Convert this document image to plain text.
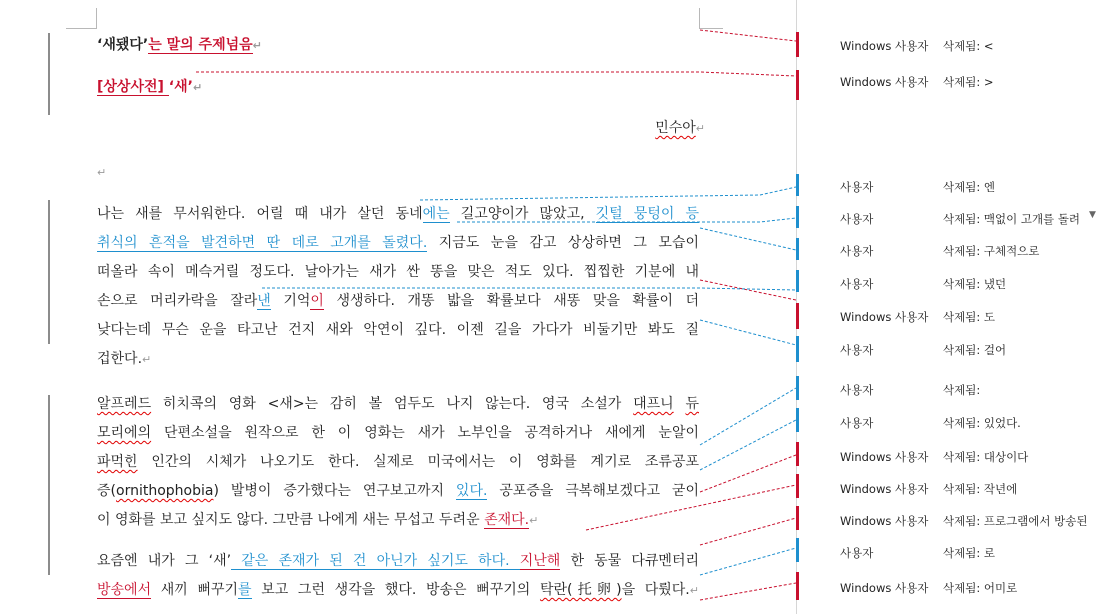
‘새됐다’는 말의 주제넘음↵
[상상사전] ‘새’↵
민수아↵
↵
나는 새를 무서워한다. 어릴 때 내가 살던 동네에는 길고양이가 많았고, 깃털 뭉텅이 등
취식의 흔적을 발견하면 딴 데로 고개를 돌렸다. 지금도 눈을 감고 상상하면 그 모습이
떠올라 속이 메슥거릴 정도다. 날아가는 새가 싼 똥을 맞은 적도 있다. 찝찝한 기분에 내
손으로 머리카락을 잘라낸 기억이 생생하다. 개똥 밟을 확률보다 새똥 맞을 확률이 더
낮다는데 무슨 운을 타고난 건지 새와 악연이 깊다. 이젠 길을 가다가 비둘기만 봐도 질
겁한다.↵
알프레드 히치콕의 영화 <새>는 감히 볼 엄두도 나지 않는다. 영국 소설가 대프니 듀
모리에의 단편소설을 원작으로 한 이 영화는 새가 노부인을 공격하거나 새에게 눈알이
파먹힌 인간의 시체가 나오기도 한다. 실제로 미국에서는 이 영화를 계기로 조류공포
증(ornithophobia) 발병이 증가했다는 연구보고까지 있다. 공포증을 극복해보겠다고 굳이
이 영화를 보고 싶지도 않다. 그만큼 나에게 새는 무섭고 두려운 존재다.↵
요즘엔 내가 그 ‘새’ 같은 존재가 된 건 아닌가 싶기도 하다. 지난해 한 동물 다큐멘터리
방송에서 새끼 뻐꾸기를 보고 그런 생각을 했다. 방송은 뻐꾸기의 탁란(托卵)을 다뤘다.↵
Windows 사용자 삭제됨: <
Windows 사용자 삭제됨: >
사용자	삭제됨: 엔
사용자	삭제됨: 맥없이 고개를 돌려 ▼
사용자	삭제됨: 구체적으로
사용자	삭제됨: 냈던
Windows 사용자 삭제됨: 도
사용자	삭제됨: 걸어
사용자	삭제됨:
사용자	삭제됨: 있었다.
Windows 사용자 삭제됨: 대상이다
Windows 사용자 삭제됨: 작년에
Windows 사용자 삭제됨: 프로그램에서 방송된
사용자	삭제됨: 로
Windows 사용자 삭제됨: 어미로
